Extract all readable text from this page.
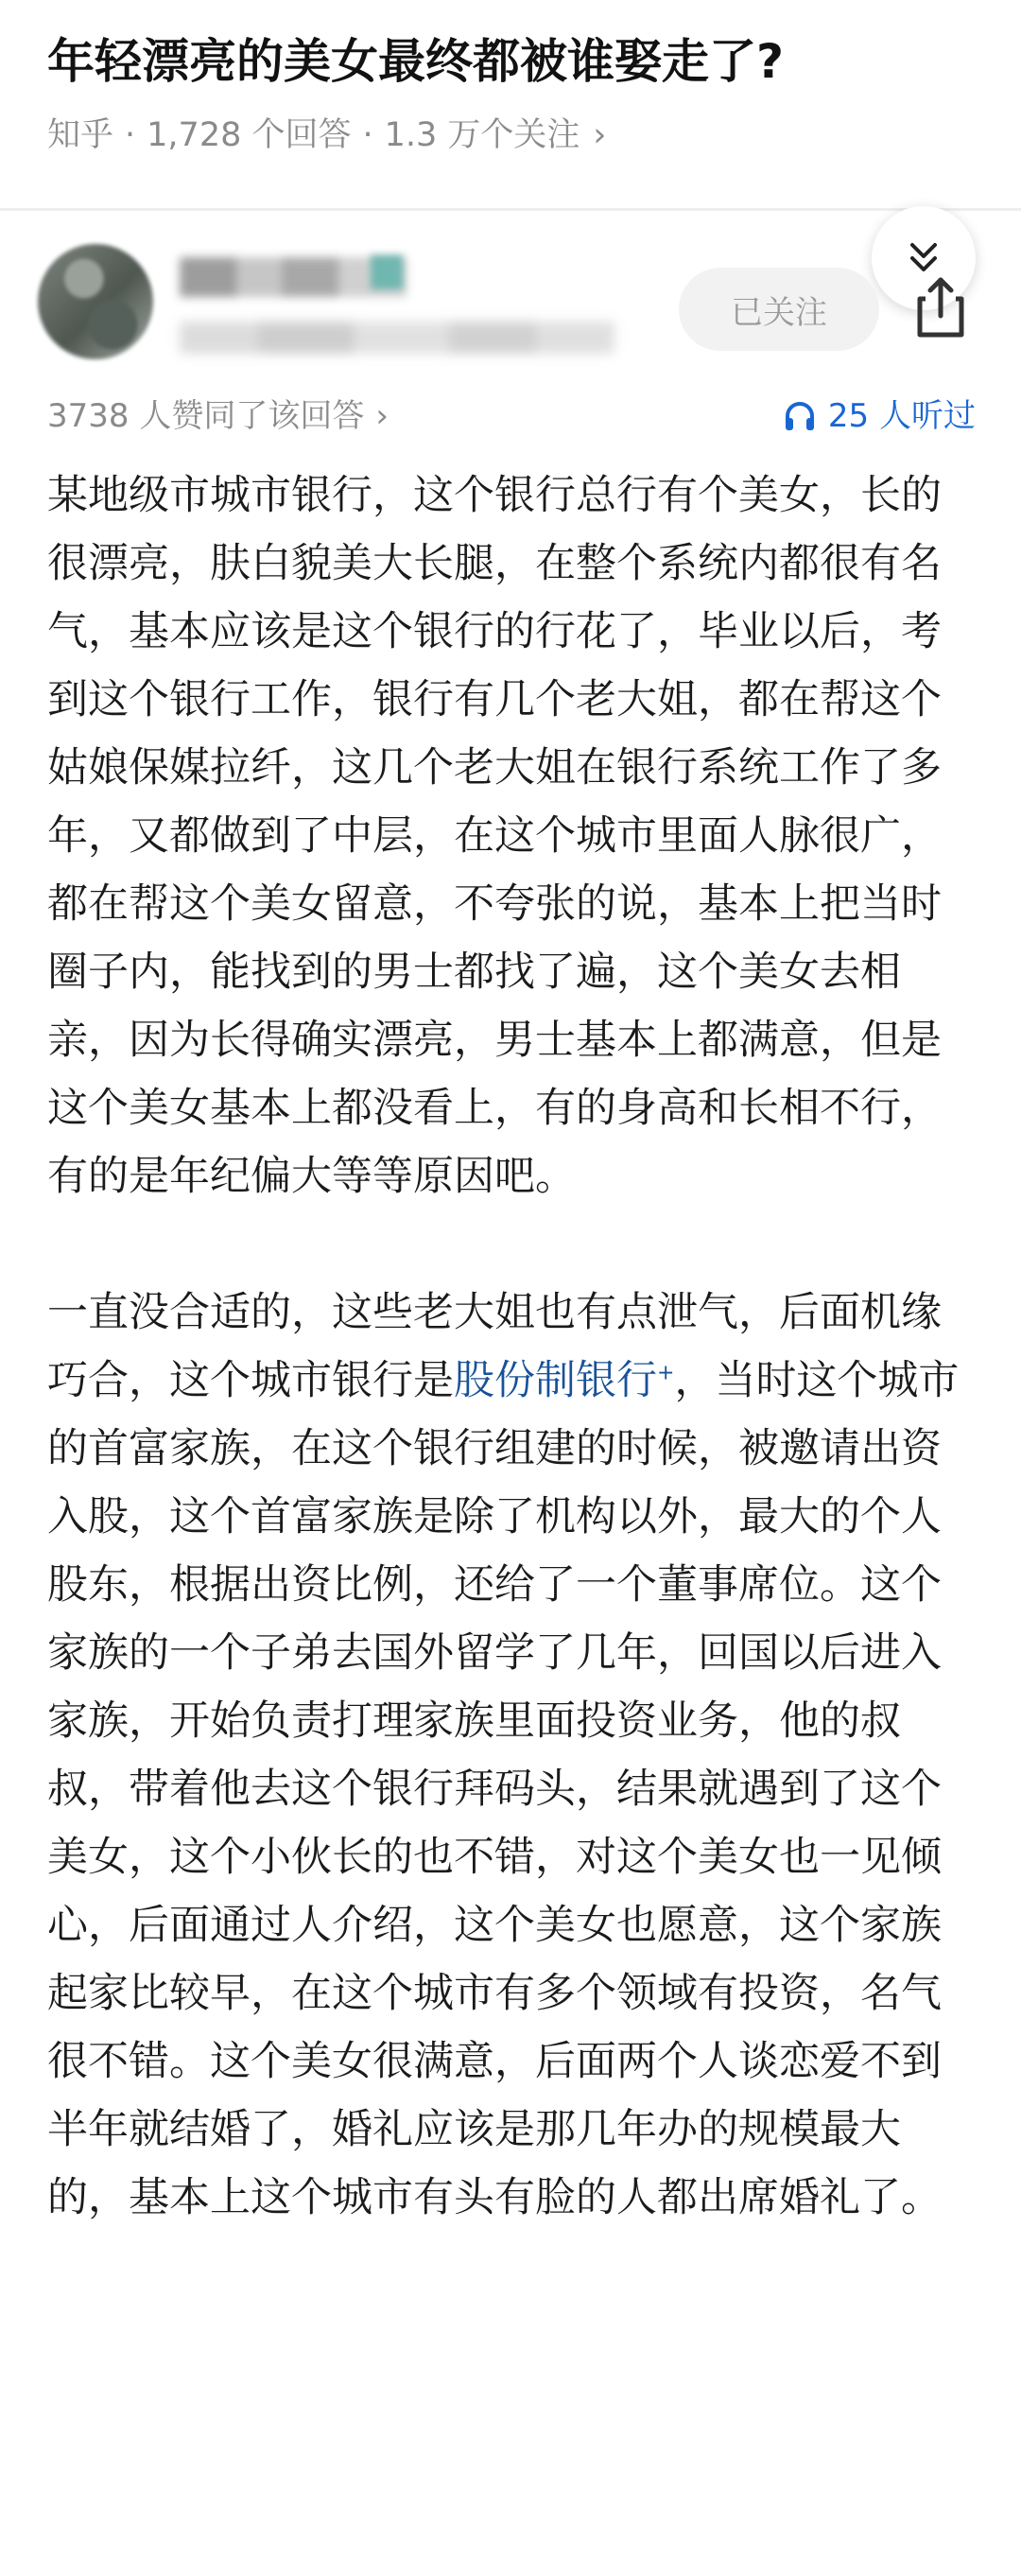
年轻漂亮的美女最终都被谁娶走了?
知乎 · 1,728 个回答 · 1.3 万个关注 ›
已关注
3738 人赞同了该回答 ›	25 人听过

某地级市城市银行，这个银行总行有个美女，长的很漂亮，肤白貌美大长腿，在整个系统内都很有名气，基本应该是这个银行的行花了，毕业以后，考到这个银行工作，银行有几个老大姐，都在帮这个姑娘保媒拉纤，这几个老大姐在银行系统工作了多年，又都做到了中层，在这个城市里面人脉很广，都在帮这个美女留意，不夸张的说，基本上把当时圈子内，能找到的男士都找了遍，这个美女去相亲，因为长得确实漂亮，男士基本上都满意，但是这个美女基本上都没看上，有的身高和长相不行，有的是年纪偏大等等原因吧。

一直没合适的，这些老大姐也有点泄气，后面机缘巧合，这个城市银行是股份制银行+，当时这个城市的首富家族，在这个银行组建的时候，被邀请出资入股，这个首富家族是除了机构以外，最大的个人股东，根据出资比例，还给了一个董事席位。这个家族的一个子弟去国外留学了几年，回国以后进入家族，开始负责打理家族里面投资业务，他的叔叔，带着他去这个银行拜码头，结果就遇到了这个美女，这个小伙长的也不错，对这个美女也一见倾心，后面通过人介绍，这个美女也愿意，这个家族起家比较早，在这个城市有多个领域有投资，名气很不错。这个美女很满意，后面两个人谈恋爱不到半年就结婚了，婚礼应该是那几年办的规模最大的，基本上这个城市有头有脸的人都出席婚礼了。
